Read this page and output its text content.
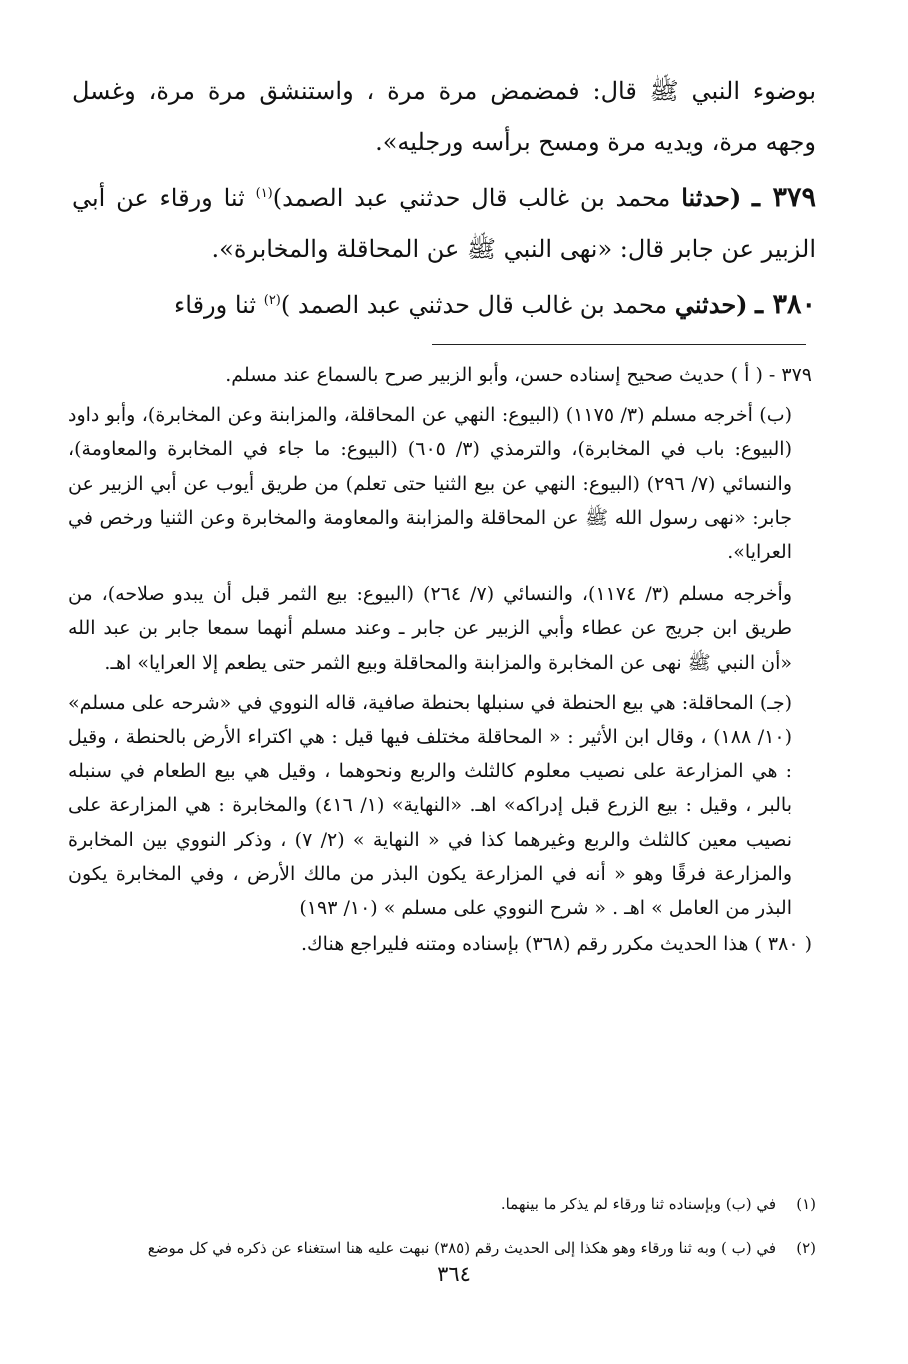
بوضوء النبي ﷺ قال: فمضمض مرة مرة ، واستنشق مرة مرة، وغسل وجهه مرة، ويديه مرة ومسح برأسه ورجليه».

٣٧٩ ـ (حدثنا محمد بن غالب قال حدثني عبد الصمد)$^{(١)}$ ثنا ورقاء عن أبي الزبير عن جابر قال: «نهى النبي ﷺ عن المحاقلة والمخابرة».

٣٨٠ ـ (حدثني محمد بن غالب قال حدثني عبد الصمد )$^{(٢)}$ ثنا ورقاء

٣٧٩ - ( أ ) حديث صحيح إسناده حسن، وأبو الزبير صرح بالسماع عند مسلم.

(ب) أخرجه مسلم (٣/ ١١٧٥) (البيوع: النهي عن المحاقلة، والمزابنة وعن المخابرة)، وأبو داود (البيوع: باب في المخابرة)، والترمذي (٣/ ٦٠٥) (البيوع: ما جاء في المخابرة والمعاومة)، والنسائي (٧/ ٢٩٦) (البيوع: النهي عن بيع الثنيا حتى تعلم) من طريق أيوب عن أبي الزبير عن جابر: «نهى رسول الله ﷺ عن المحاقلة والمزابنة والمعاومة والمخابرة وعن الثنيا ورخص في العرايا».

وأخرجه مسلم (٣/ ١١٧٤)، والنسائي (٧/ ٢٦٤) (البيوع: بيع الثمر قبل أن يبدو صلاحه)، من طريق ابن جريج عن عطاء وأبي الزبير عن جابر ـ وعند مسلم أنهما سمعا جابر بن عبد الله «أن النبي ﷺ نهى عن المخابرة والمزابنة والمحاقلة وبيع الثمر حتى يطعم إلا العرايا» اهـ.

(جـ) المحاقلة: هي بيع الحنطة في سنبلها بحنطة صافية، قاله النووي في «شرحه على مسلم» (١٠/ ١٨٨) ، وقال ابن الأثير : « المحاقلة مختلف فيها قيل : هي اكتراء الأرض بالحنطة ، وقيل : هي المزارعة على نصيب معلوم كالثلث والربع ونحوهما ، وقيل هي بيع الطعام في سنبله بالبر ، وقيل : بيع الزرع قبل إدراكه» اهـ. «النهاية» (١/ ٤١٦) والمخابرة : هي المزارعة على نصيب معين كالثلث والربع وغيرهما كذا في « النهاية » (٢/ ٧) ، وذكر النووي بين المخابرة والمزارعة فرقًا وهو « أنه في المزارعة يكون البذر من مالك الأرض ، وفي المخابرة يكون البذر من العامل » اهـ . « شرح النووي على مسلم » (١٠/ ١٩٣)

( ٣٨٠ ) هذا الحديث مكرر رقم (٣٦٨) بإسناده ومتنه فليراجع هناك.

(١)
في (ب) وبإسناده ثنا ورقاء لم يذكر ما بينهما.
(٢)
في (ب ) وبه ثنا ورقاء وهو هكذا إلى الحديث رقم (٣٨٥) نبهت عليه هنا استغناء عن ذكره في كل موضع
٣٦٤
